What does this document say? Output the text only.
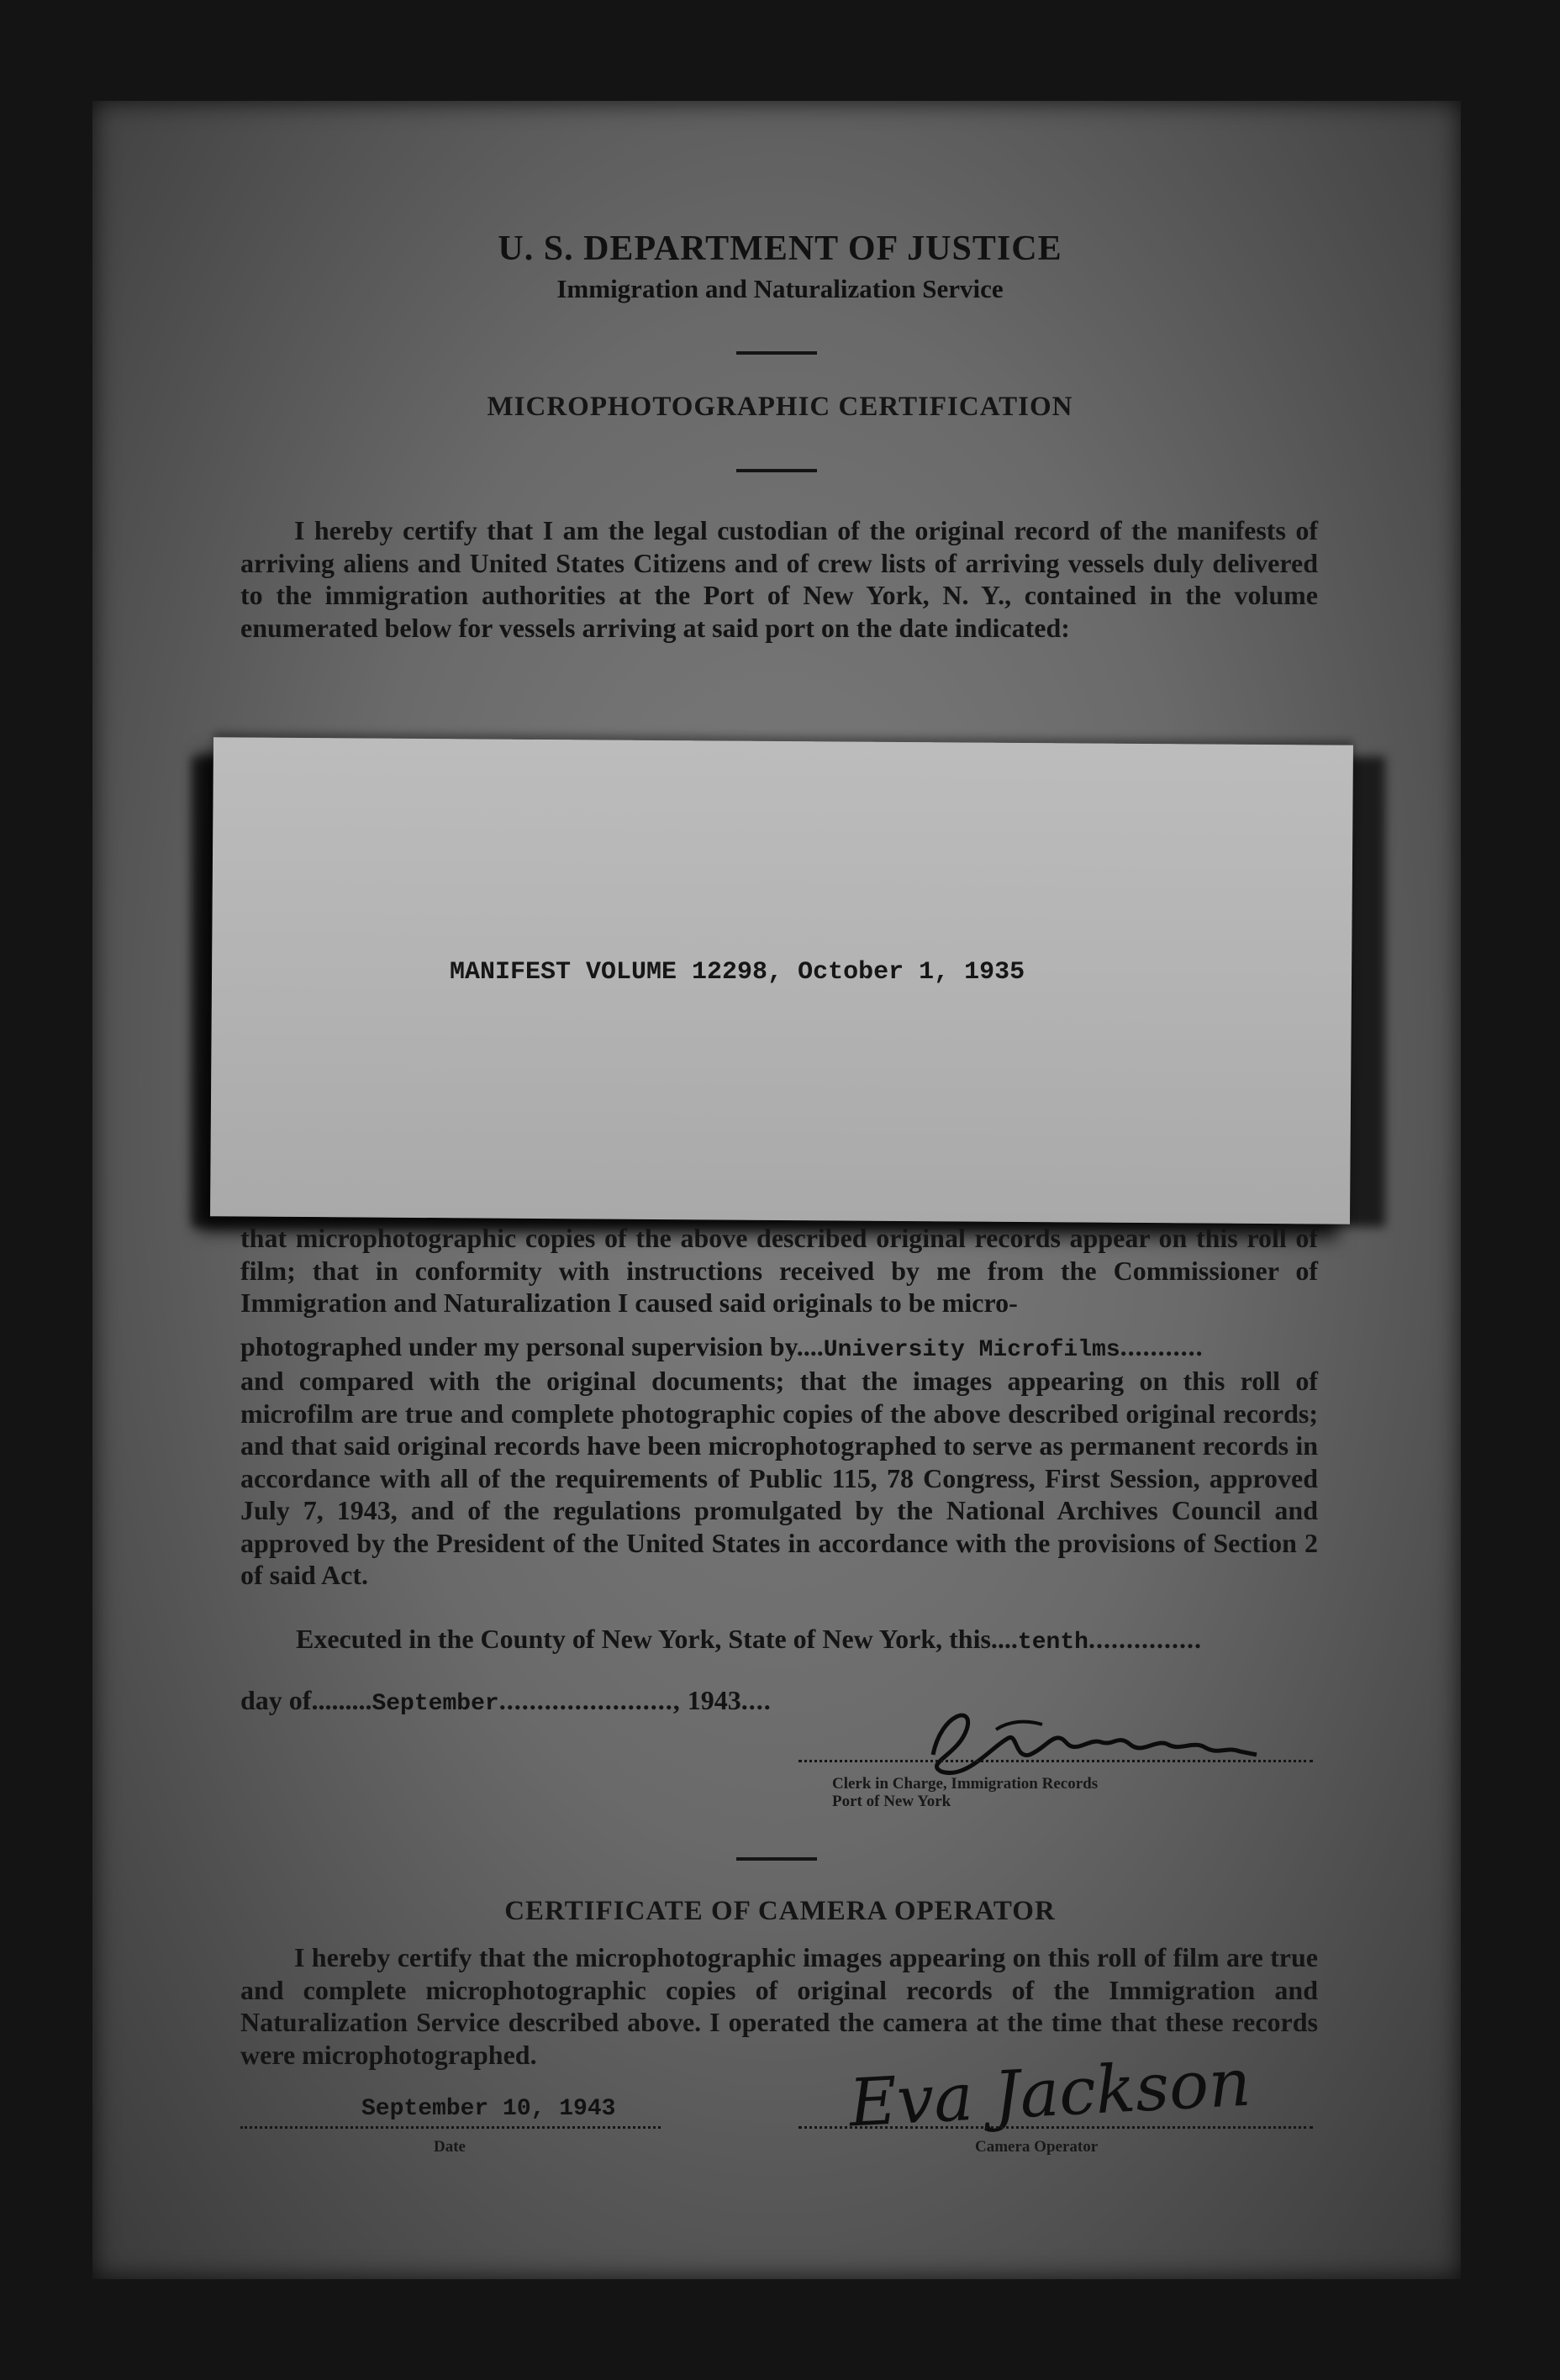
U. S. DEPARTMENT OF JUSTICE
Immigration and Naturalization Service
MICROPHOTOGRAPHIC CERTIFICATION
I hereby certify that I am the legal custodian of the original record of the manifests of arriving aliens and United States Citizens and of crew lists of arriving vessels duly delivered to the immigration authorities at the Port of New York, N. Y., contained in the volume enumerated below for vessels arriving at said port on the date indicated:
MANIFEST VOLUME 12298, October 1, 1935
that microphotographic copies of the above described original records appear on this roll of film; that in conformity with instructions received by me from the Commissioner of Immigration and Naturalization I caused said originals to be micro-
photographed under my personal supervision by....University Microfilms...........
and compared with the original documents; that the images appearing on this roll of microfilm are true and complete photographic copies of the above described original records; and that said original records have been microphotographed to serve as permanent records in accordance with all of the requirements of Public 115, 78 Congress, First Session, approved July 7, 1943, and of the regulations promulgated by the National Archives Council and approved by the President of the United States in accordance with the provisions of Section 2 of said Act.
Executed in the County of New York, State of New York, this....tenth...............
day of.........September......................., 1943....
Clerk in Charge, Immigration Records
Port of New York
CERTIFICATE OF CAMERA OPERATOR
I hereby certify that the microphotographic images appearing on this roll of film are true and complete microphotographic copies of original records of the Immigration and Naturalization Service described above. I operated the camera at the time that these records were microphotographed.
September 10, 1943
Date
Eva Jackson
Camera Operator
